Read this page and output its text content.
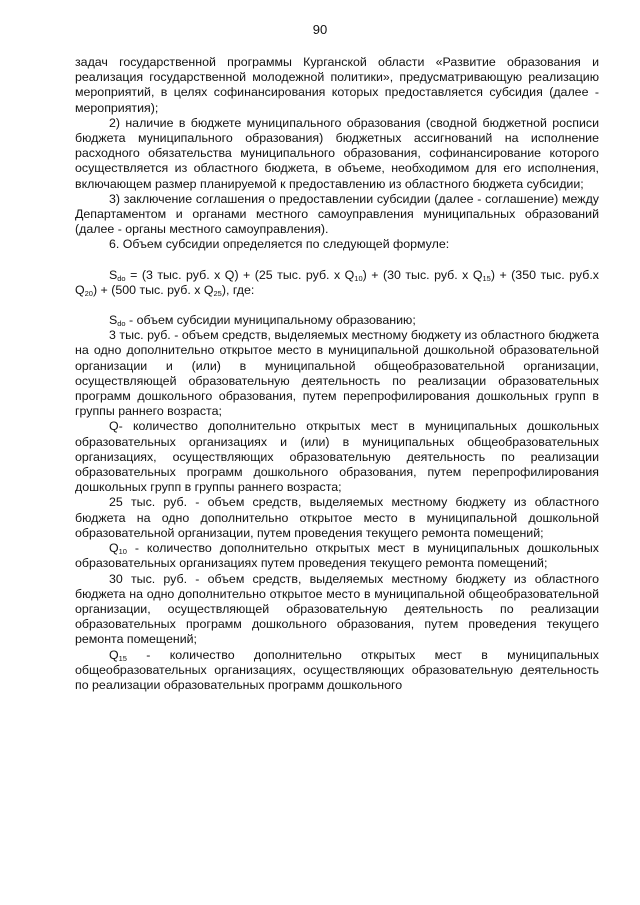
90

задач государственной программы Курганской области «Развитие образования и реализация государственной молодежной политики», предусматривающую реализацию мероприятий, в целях софинансирования которых предоставляется субсидия (далее - мероприятия);

2) наличие в бюджете муниципального образования (сводной бюджетной росписи бюджета муниципального образования) бюджетных ассигнований на исполнение расходного обязательства муниципального образования, софинансирование которого осуществляется из областного бюджета, в объеме, необходимом для его исполнения, включающем размер планируемой к предоставлению из областного бюджета субсидии;

3) заключение соглашения о предоставлении субсидии (далее - соглашение) между Департаментом и органами местного самоуправления муниципальных образований (далее - органы местного самоуправления).

6. Объем субсидии определяется по следующей формуле:

$S_{do} = (3$ тыс. руб. х Q) + (25 тыс. руб. х $Q_{10}) + (30$ тыс. руб. х $Q_{15}) + (350$ тыс. руб.х $Q_{20}) + (500$ тыс. руб. х $Q_{25}$), где:

$S_{do}$ - объем субсидии муниципальному образованию;

3 тыс. руб. - объем средств, выделяемых местному бюджету из областного бюджета на одно дополнительно открытое место в муниципальной дошкольной образовательной организации и (или) в муниципальной общеобразовательной организации, осуществляющей образовательную деятельность по реализации образовательных программ дошкольного образования, путем перепрофилирования дошкольных групп в группы раннего возраста;

Q- количество дополнительно открытых мест в муниципальных дошкольных образовательных организациях и (или) в муниципальных общеобразовательных организациях, осуществляющих образовательную деятельность по реализации образовательных программ дошкольного образования, путем перепрофилирования дошкольных групп в группы раннего возраста;

25 тыс. руб. - объем средств, выделяемых местному бюджету из областного бюджета на одно дополнительно открытое место в муниципальной дошкольной образовательной организации, путем проведения текущего ремонта помещений;

$Q_{10}$ - количество дополнительно открытых мест в муниципальных дошкольных образовательных организациях путем проведения текущего ремонта помещений;

30 тыс. руб. - объем средств, выделяемых местному бюджету из областного бюджета на одно дополнительно открытое место в муниципальной общеобразовательной организации, осуществляющей образовательную деятельность по реализации образовательных программ дошкольного образования, путем проведения текущего ремонта помещений;

$Q_{15}$ - количество дополнительно открытых мест в муниципальных общеобразовательных организациях, осуществляющих образовательную деятельность по реализации образовательных программ дошкольного
